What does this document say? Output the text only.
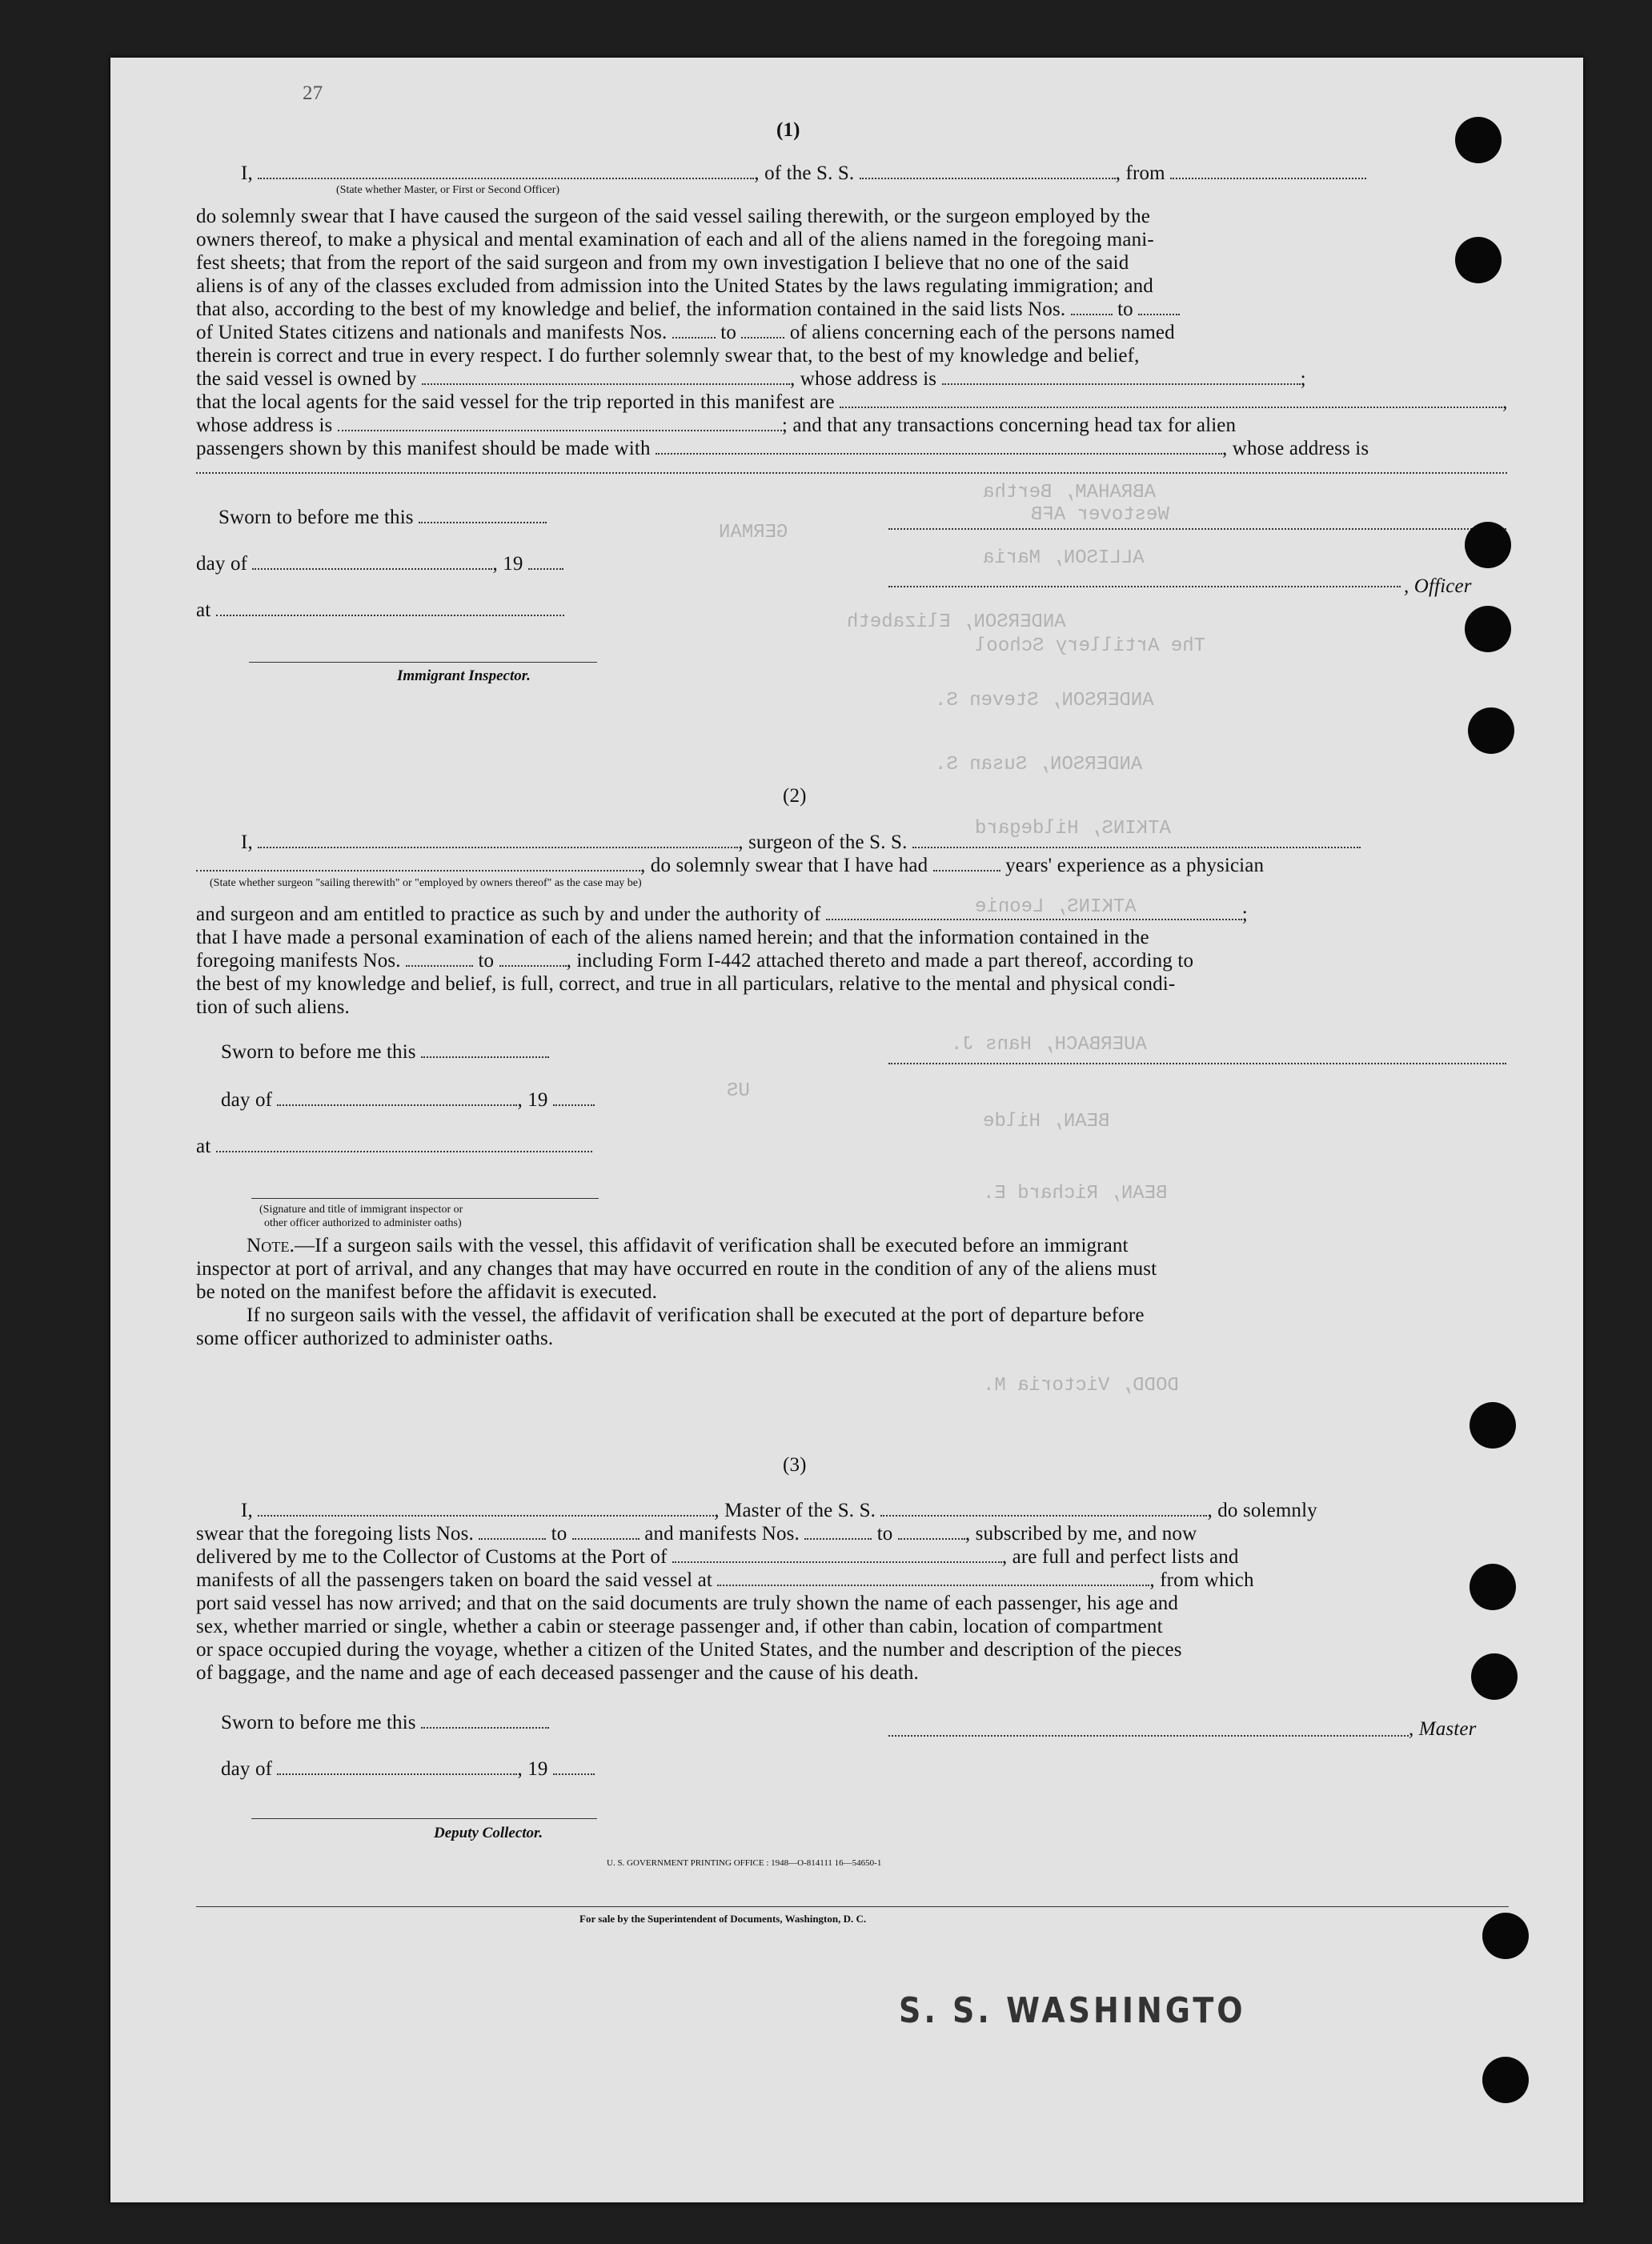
ABRAHAM, Bertha
Westover AFB
ALLISON, Maria
ANDERSON, Elizabeth
The Artillery School
ANDERSON, Steven S.
ANDERSON, Susan S.
ATKINS, Hildegard
ATKINS, Leonie
AUERBACH, Hans J.
BEAN, Hilde
BEAN, Richard E.
DODD, Victoria M.
GERMAN
US
27
(1)
I,	, of the S. S.	, from
(State whether Master, or First or Second Officer)
do solemnly swear that I have caused the surgeon of the said vessel sailing therewith, or the surgeon employed by the
owners thereof, to make a physical and mental examination of each and all of the aliens named in the foregoing mani-
fest sheets; that from the report of the said surgeon and from my own investigation I believe that no one of the said
aliens is of any of the classes excluded from admission into the United States by the laws regulating immigration; and
that also, according to the best of my knowledge and belief, the information contained in the said lists Nos.	to
of United States citizens and nationals and manifests Nos.	to	of aliens concerning each of the persons named
therein is correct and true in every respect. I do further solemnly swear that, to the best of my knowledge and belief,
the said vessel is owned by	, whose address is	;
that the local agents for the said vessel for the trip reported in this manifest are	,
whose address is	; and that any transactions concerning head tax for alien
passengers shown by this manifest should be made with	, whose address is
Sworn to before me this
day of	, 19
, Officer
at
Immigrant Inspector.
(2)
I,	, surgeon of the S. S.
, do solemnly swear that I have had	years' experience as a physician
(State whether surgeon "sailing therewith" or "employed by owners thereof" as the case may be)
and surgeon and am entitled to practice as such by and under the authority of	;
that I have made a personal examination of each of the aliens named herein; and that the information contained in the
foregoing manifests Nos.	to	, including Form I-442 attached thereto and made a part thereof, according to
the best of my knowledge and belief, is full, correct, and true in all particulars, relative to the mental and physical condi-
tion of such aliens.
Sworn to before me this
day of	, 19
at
(Signature and title of immigrant inspector or
other officer authorized to administer oaths)
Note.—If a surgeon sails with the vessel, this affidavit of verification shall be executed before an immigrant
inspector at port of arrival, and any changes that may have occurred en route in the condition of any of the aliens must
be noted on the manifest before the affidavit is executed.
If no surgeon sails with the vessel, the affidavit of verification shall be executed at the port of departure before
some officer authorized to administer oaths.
(3)
I,	, Master of the S. S.	, do solemnly
swear that the foregoing lists Nos.	to	and manifests Nos.	to	, subscribed by me, and now
delivered by me to the Collector of Customs at the Port of	, are full and perfect lists and
manifests of all the passengers taken on board the said vessel at	, from which
port said vessel has now arrived; and that on the said documents are truly shown the name of each passenger, his age and
sex, whether married or single, whether a cabin or steerage passenger and, if other than cabin, location of compartment
or space occupied during the voyage, whether a citizen of the United States, and the number and description of the pieces
of baggage, and the name and age of each deceased passenger and the cause of his death.
Sworn to before me this	, Master
day of	, 19
Deputy Collector.
U. S. GOVERNMENT PRINTING OFFICE : 1948—O-814111 16—54650-1
For sale by the Superintendent of Documents, Washington, D. C.
S. S. WASHINGTO
